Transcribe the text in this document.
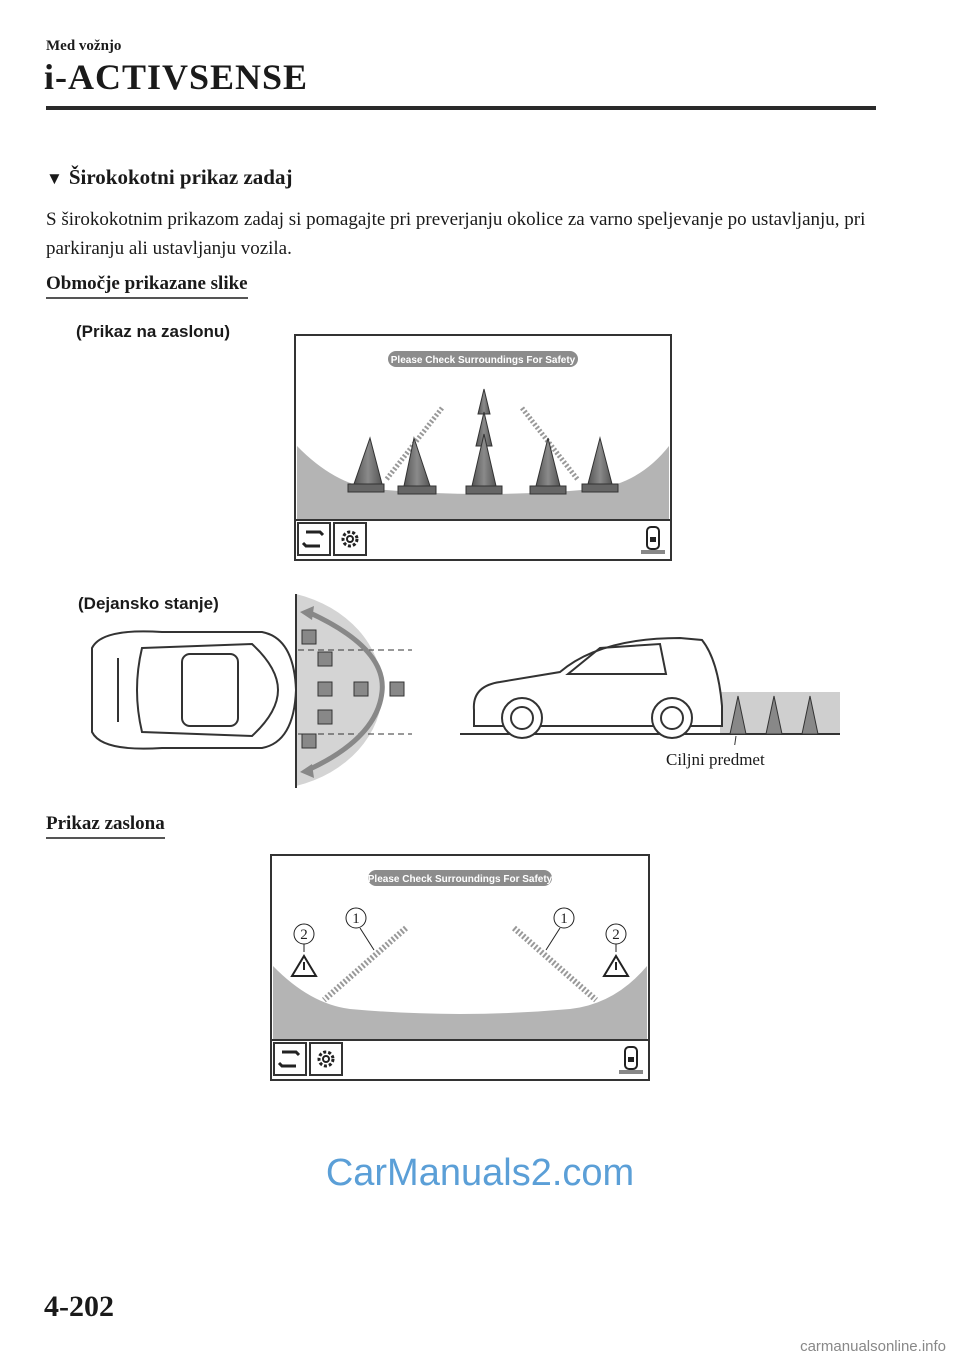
Med vožnjo
i-ACTIVSENSE
▼ Širokokotni prikaz zadaj

S širokokotnim prikazom zadaj si pomagajte pri preverjanju okolice za varno speljevanje po ustavljanju, pri parkiranju ali ustavljanju vozila.

Območje prikazane slike
(Prikaz na zaslonu)
Please Check Surroundings For Safety
(Dejansko stanje)
Ciljni predmet
Prikaz zaslona
Please Check Surroundings For Safety
1	1
2	2
CarManuals2.com
4-202
carmanualsonline.info
